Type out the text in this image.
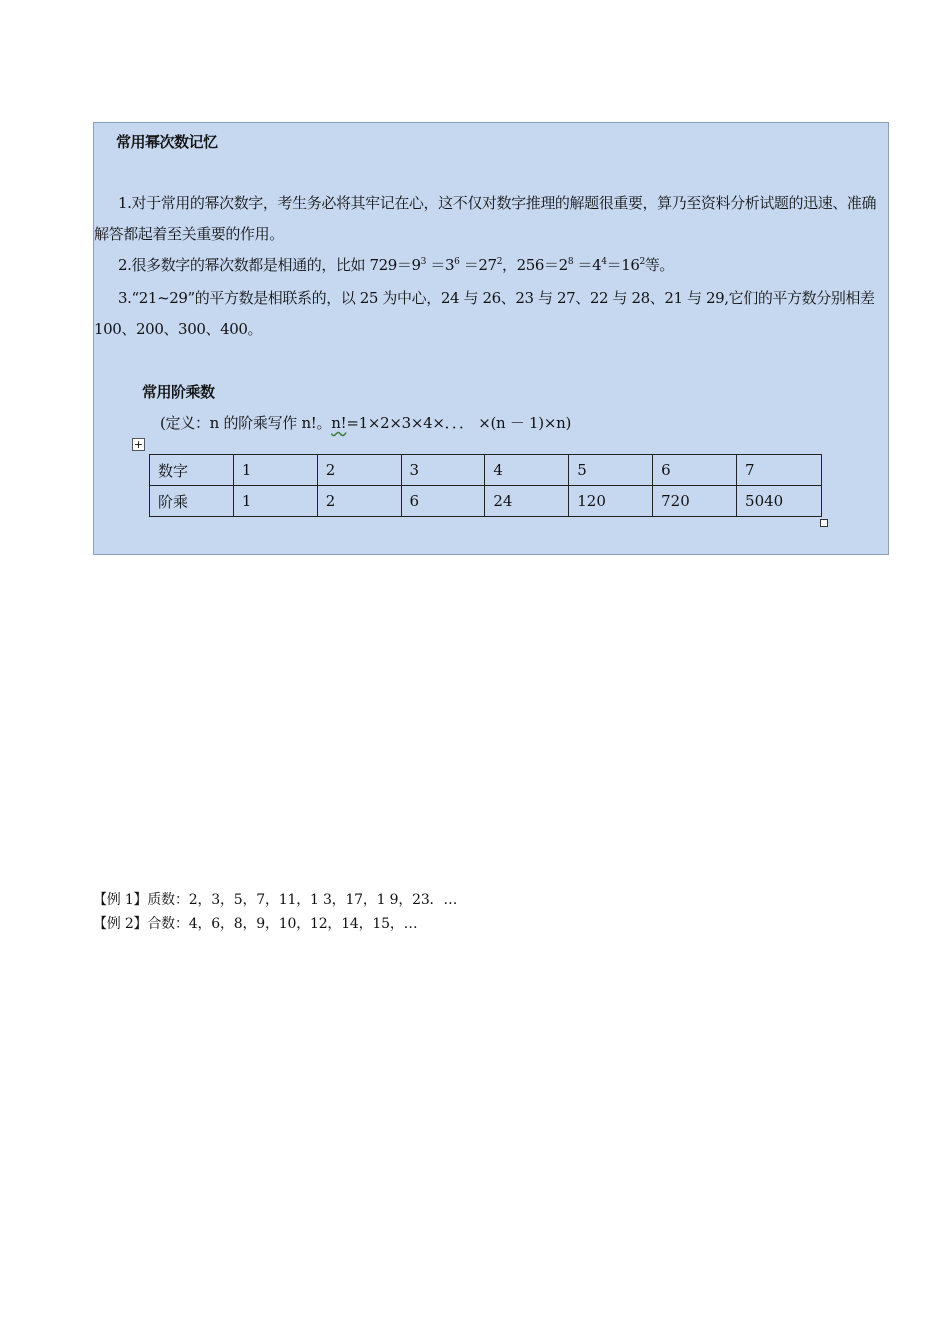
常用幂次数记忆
1.对于常用的幂次数字，考生务必将其牢记在心，这不仅对数字推理的解题很重要，算乃至资料分析试题的迅速、准确解答都起着至关重要的作用。
2.很多数字的幂次数都是相通的，比如 $729=9^3 =3^6 =27^2$，$256=2^8 =4^4=16^2$等。
3.“21~29”的平方数是相联系的，以 25 为中心，24 与 26、23 与 27、22 与 28、21 与 29,它们的平方数分别相差 100、200、300、400。
常用阶乘数
(定义：n 的阶乘写作 n!。n!=1×2×3×4×．．． ×(n － 1)×n)
+
数字	1	2	3	4	5	6	7
阶乘	1	2	6	24	120	720	5040
【例 1】质数：2，3，5，7，11，1 3，17，1 9，23．…
【例 2】合数：4，6，8，9，10，12，14，15，…
